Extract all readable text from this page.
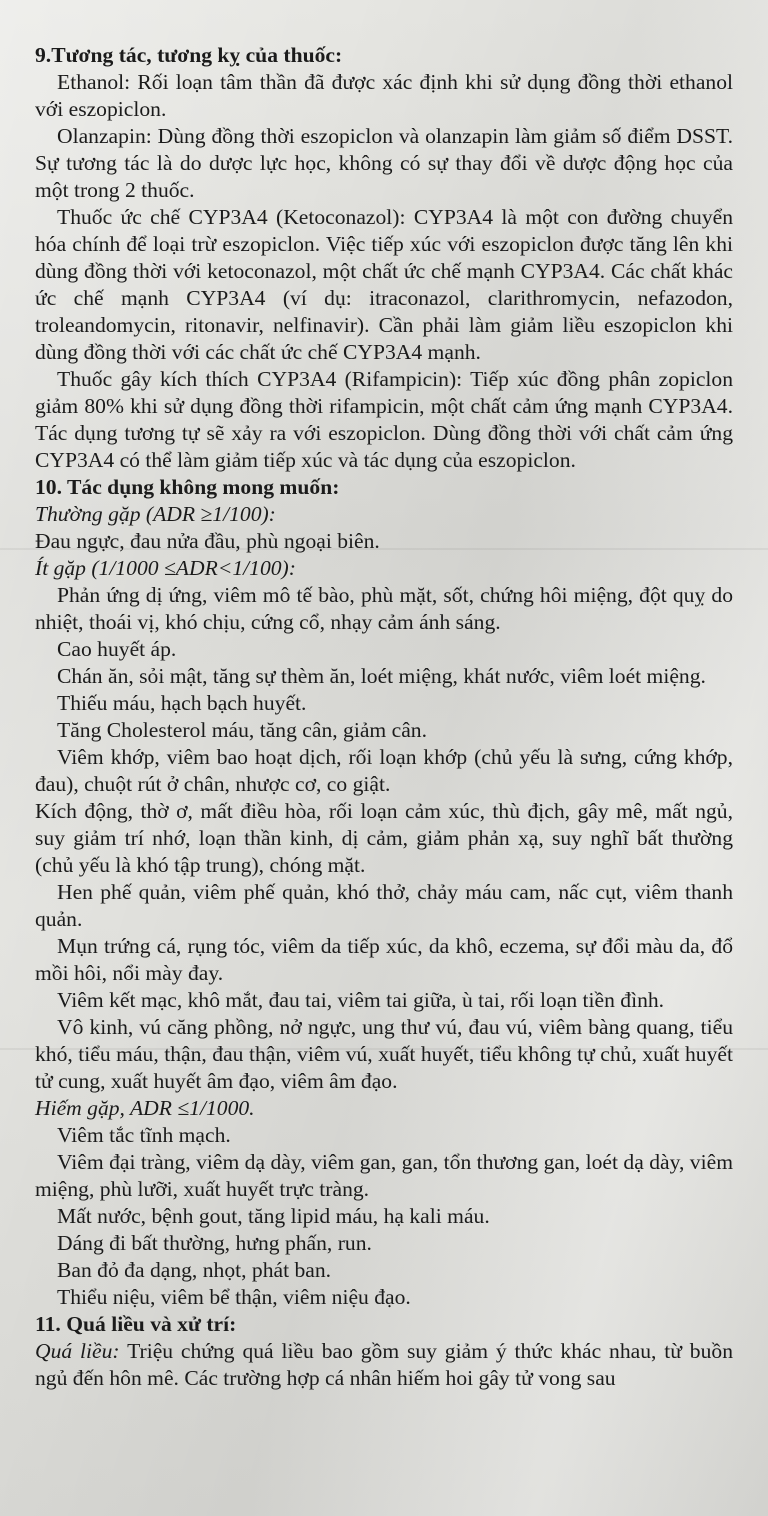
9.Tương tác, tương kỵ của thuốc:

Ethanol: Rối loạn tâm thần đã được xác định khi sử dụng đồng thời ethanol với eszopiclon.

Olanzapin: Dùng đồng thời eszopiclon và olanzapin làm giảm số điểm DSST. Sự tương tác là do dược lực học, không có sự thay đổi về dược động học của một trong 2 thuốc.

Thuốc ức chế CYP3A4 (Ketoconazol): CYP3A4 là một con đường chuyển hóa chính để loại trừ eszopiclon. Việc tiếp xúc với eszopiclon được tăng lên khi dùng đồng thời với ketoconazol, một chất ức chế mạnh CYP3A4. Các chất khác ức chế mạnh CYP3A4 (ví dụ: itraconazol, clarithromycin, nefazodon, troleandomycin, ritonavir, nelfinavir). Cần phải làm giảm liều eszopiclon khi dùng đồng thời với các chất ức chế CYP3A4 mạnh.

Thuốc gây kích thích CYP3A4 (Rifampicin): Tiếp xúc đồng phân zopiclon giảm 80% khi sử dụng đồng thời rifampicin, một chất cảm ứng mạnh CYP3A4. Tác dụng tương tự sẽ xảy ra với eszopiclon. Dùng đồng thời với chất cảm ứng CYP3A4 có thể làm giảm tiếp xúc và tác dụng của eszopiclon.

10. Tác dụng không mong muốn:

Thường gặp (ADR ≥1/100):

Đau ngực, đau nửa đầu, phù ngoại biên.

Ít gặp (1/1000 ≤ADR<1/100):

Phản ứng dị ứng, viêm mô tế bào, phù mặt, sốt, chứng hôi miệng, đột quỵ do nhiệt, thoái vị, khó chịu, cứng cổ, nhạy cảm ánh sáng.

Cao huyết áp.

Chán ăn, sỏi mật, tăng sự thèm ăn, loét miệng, khát nước, viêm loét miệng.

Thiếu máu, hạch bạch huyết.

Tăng Cholesterol máu, tăng cân, giảm cân.

Viêm khớp, viêm bao hoạt dịch, rối loạn khớp (chủ yếu là sưng, cứng khớp, đau), chuột rút ở chân, nhược cơ, co giật.

Kích động, thờ ơ, mất điều hòa, rối loạn cảm xúc, thù địch, gây mê, mất ngủ, suy giảm trí nhớ, loạn thần kinh, dị cảm, giảm phản xạ, suy nghĩ bất thường (chủ yếu là khó tập trung), chóng mặt.

Hen phế quản, viêm phế quản, khó thở, chảy máu cam, nấc cụt, viêm thanh quản.

Mụn trứng cá, rụng tóc, viêm da tiếp xúc, da khô, eczema, sự đổi màu da, đổ mồi hôi, nổi mày đay.

Viêm kết mạc, khô mắt, đau tai, viêm tai giữa, ù tai, rối loạn tiền đình.

Vô kinh, vú căng phồng, nở ngực, ung thư vú, đau vú, viêm bàng quang, tiểu khó, tiểu máu, thận, đau thận, viêm vú, xuất huyết, tiểu không tự chủ, xuất huyết tử cung, xuất huyết âm đạo, viêm âm đạo.

Hiếm gặp, ADR ≤1/1000.

Viêm tắc tĩnh mạch.

Viêm đại tràng, viêm dạ dày, viêm gan, gan, tổn thương gan, loét dạ dày, viêm miệng, phù lưỡi, xuất huyết trực tràng.

Mất nước, bệnh gout, tăng lipid máu, hạ kali máu.

Dáng đi bất thường, hưng phấn, run.

Ban đỏ đa dạng, nhọt, phát ban.

Thiểu niệu, viêm bể thận, viêm niệu đạo.

11. Quá liều và xử trí:

Quá liều: Triệu chứng quá liều bao gồm suy giảm ý thức khác nhau, từ buồn ngủ đến hôn mê. Các trường hợp cá nhân hiếm hoi gây tử vong sau
